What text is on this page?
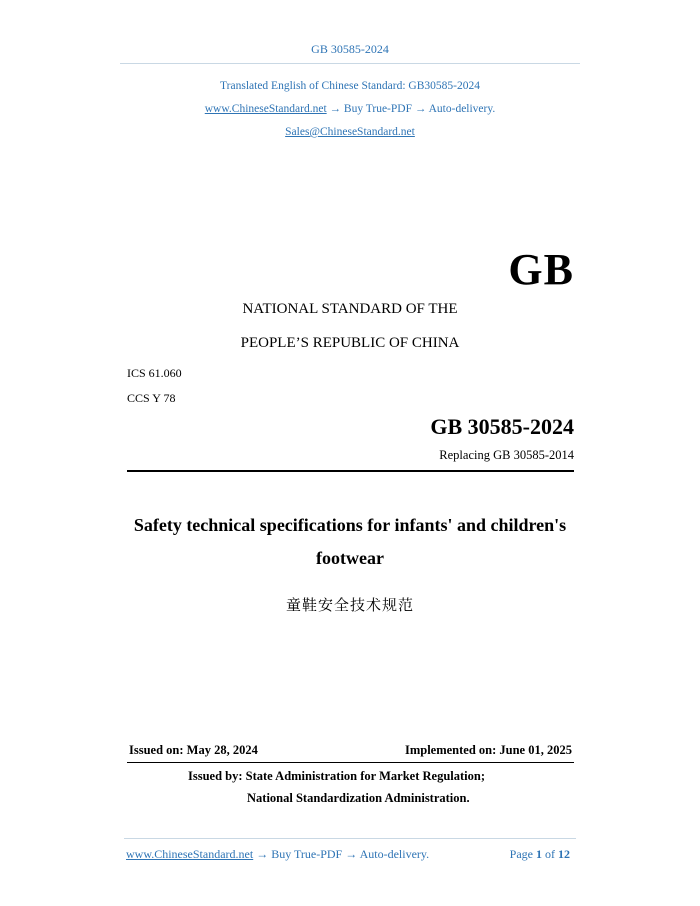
GB 30585-2024
Translated English of Chinese Standard: GB30585-2024
www.ChineseStandard.net → Buy True-PDF → Auto-delivery.
Sales@ChineseStandard.net
GB
NATIONAL STANDARD OF THE
PEOPLE’S REPUBLIC OF CHINA
ICS 61.060
CCS Y 78
GB 30585-2024
Replacing GB 30585-2014
Safety technical specifications for infants' and children's
footwear
童鞋安全技术规范
Issued on: May 28, 2024	Implemented on: June 01, 2025
Issued by: State Administration for Market Regulation;
National Standardization Administration.
www.ChineseStandard.net → Buy True-PDF → Auto-delivery.	Page 1 of 12
